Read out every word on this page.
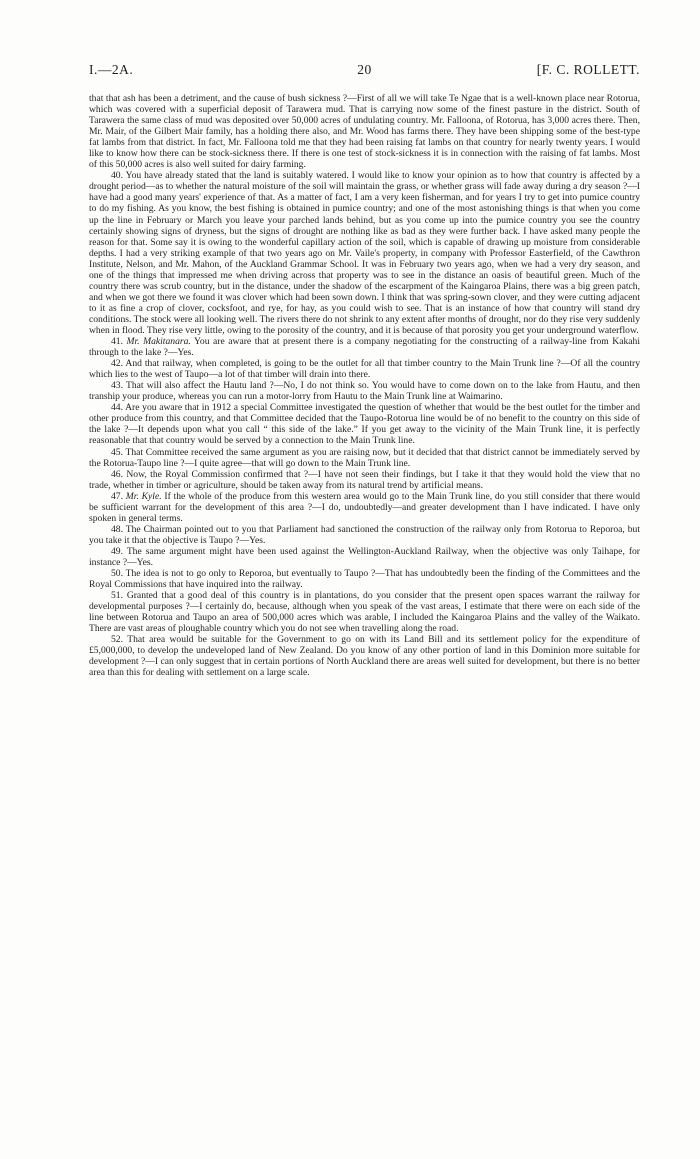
I.—2A.	20	[F. C. ROLLETT.

that that ash has been a detriment, and the cause of bush sickness ?—First of all we will take Te Ngae that is a well-known place near Rotorua, which was covered with a superficial deposit of Tarawera mud. That is carrying now some of the finest pasture in the district. South of Tarawera the same class of mud was deposited over 50,000 acres of undulating country. Mr. Falloona, of Rotorua, has 3,000 acres there. Then, Mr. Mair, of the Gilbert Mair family, has a holding there also, and Mr. Wood has farms there. They have been shipping some of the best-type fat lambs from that district. In fact, Mr. Falloona told me that they had been raising fat lambs on that country for nearly twenty years. I would like to know how there can be stock-sickness there. If there is one test of stock-sickness it is in connection with the raising of fat lambs. Most of this 50,000 acres is also well suited for dairy farming.

40. You have already stated that the land is suitably watered. I would like to know your opinion as to how that country is affected by a drought period—as to whether the natural moisture of the soil will maintain the grass, or whether grass will fade away during a dry season ?—I have had a good many years' experience of that. As a matter of fact, I am a very keen fisherman, and for years I try to get into pumice country to do my fishing. As you know, the best fishing is obtained in pumice country; and one of the most astonishing things is that when you come up the line in February or March you leave your parched lands behind, but as you come up into the pumice country you see the country certainly showing signs of dryness, but the signs of drought are nothing like as bad as they were further back. I have asked many people the reason for that. Some say it is owing to the wonderful capillary action of the soil, which is capable of drawing up moisture from considerable depths. I had a very striking example of that two years ago on Mr. Vaile's property, in company with Professor Easterfield, of the Cawthron Institute, Nelson, and Mr. Mahon, of the Auckland Grammar School. It was in February two years ago, when we had a very dry season, and one of the things that impressed me when driving across that property was to see in the distance an oasis of beautiful green. Much of the country there was scrub country, but in the distance, under the shadow of the escarpment of the Kaingaroa Plains, there was a big green patch, and when we got there we found it was clover which had been sown down. I think that was spring-sown clover, and they were cutting adjacent to it as fine a crop of clover, cocksfoot, and rye, for hay, as you could wish to see. That is an instance of how that country will stand dry conditions. The stock were all looking well. The rivers there do not shrink to any extent after months of drought, nor do they rise very suddenly when in flood. They rise very little, owing to the porosity of the country, and it is because of that porosity you get your underground waterflow.

41. Mr. Makitanara. You are aware that at present there is a company negotiating for the constructing of a railway-line from Kakahi through to the lake ?—Yes.

42. And that railway, when completed, is going to be the outlet for all that timber country to the Main Trunk line ?—Of all the country which lies to the west of Taupo—a lot of that timber will drain into there.

43. That will also affect the Hautu land ?—No, I do not think so. You would have to come down on to the lake from Hautu, and then tranship your produce, whereas you can run a motor-lorry from Hautu to the Main Trunk line at Waimarino.

44. Are you aware that in 1912 a special Committee investigated the question of whether that would be the best outlet for the timber and other produce from this country, and that Committee decided that the Taupo-Rotorua line would be of no benefit to the country on this side of the lake ?—It depends upon what you call “ this side of the lake.” If you get away to the vicinity of the Main Trunk line, it is perfectly reasonable that that country would be served by a connection to the Main Trunk line.

45. That Committee received the same argument as you are raising now, but it decided that that district cannot be immediately served by the Rotorua-Taupo line ?—I quite agree—that will go down to the Main Trunk line.

46. Now, the Royal Commission confirmed that ?—I have not seen their findings, but I take it that they would hold the view that no trade, whether in timber or agriculture, should be taken away from its natural trend by artificial means.

47. Mr. Kyle. If the whole of the produce from this western area would go to the Main Trunk line, do you still consider that there would be sufficient warrant for the development of this area ?—I do, undoubtedly—and greater development than I have indicated. I have only spoken in general terms.

48. The Chairman pointed out to you that Parliament had sanctioned the construction of the railway only from Rotorua to Reporoa, but you take it that the objective is Taupo ?—Yes.

49. The same argument might have been used against the Wellington-Auckland Railway, when the objective was only Taihape, for instance ?—Yes.

50. The idea is not to go only to Reporoa, but eventually to Taupo ?—That has undoubtedly been the finding of the Committees and the Royal Commissions that have inquired into the railway.

51. Granted that a good deal of this country is in plantations, do you consider that the present open spaces warrant the railway for developmental purposes ?—I certainly do, because, although when you speak of the vast areas, I estimate that there were on each side of the line between Rotorua and Taupo an area of 500,000 acres which was arable, I included the Kaingaroa Plains and the valley of the Waikato. There are vast areas of ploughable country which you do not see when travelling along the road.

52. That area would be suitable for the Government to go on with its Land Bill and its settlement policy for the expenditure of £5,000,000, to develop the undeveloped land of New Zealand. Do you know of any other portion of land in this Dominion more suitable for development ?—I can only suggest that in certain portions of North Auckland there are areas well suited for development, but there is no better area than this for dealing with settlement on a large scale.
